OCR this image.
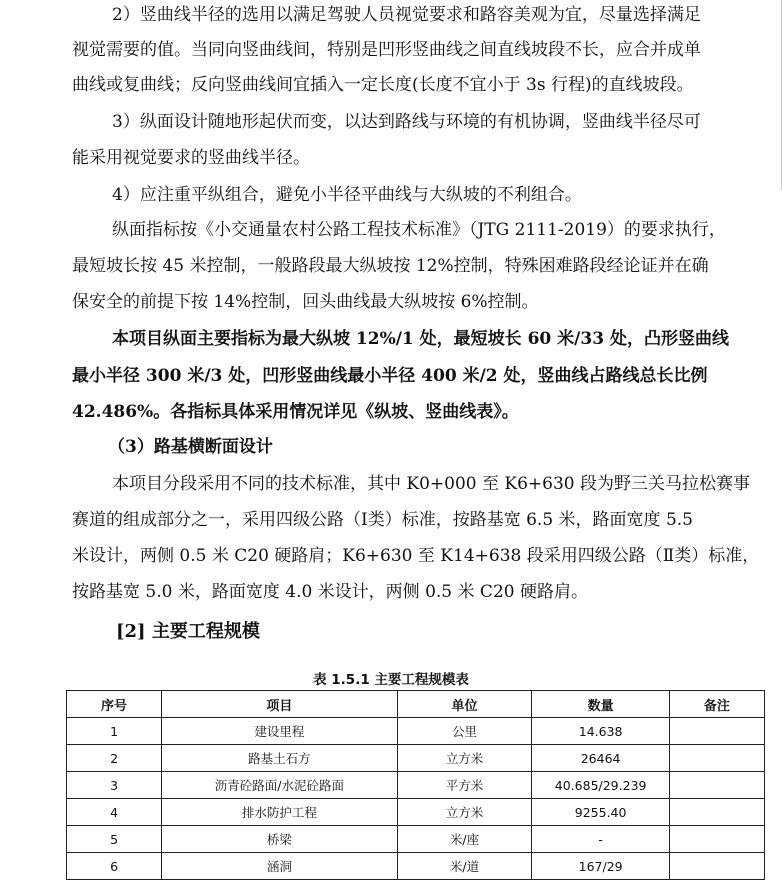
2）竖曲线半径的选用以满足驾驶人员视觉要求和路容美观为宜，尽量选择满足
视觉需要的值。当同向竖曲线间，特别是凹形竖曲线之间直线坡段不长，应合并成单
曲线或复曲线；反向竖曲线间宜插入一定长度(长度不宜小于 3s 行程)的直线坡段。
3）纵面设计随地形起伏而变，以达到路线与环境的有机协调，竖曲线半径尽可
能采用视觉要求的竖曲线半径。
4）应注重平纵组合，避免小半径平曲线与大纵坡的不利组合。
纵面指标按《小交通量农村公路工程技术标准》（JTG 2111-2019）的要求执行，
最短坡长按 45 米控制，一般路段最大纵坡按 12%控制，特殊困难路段经论证并在确
保安全的前提下按 14%控制，回头曲线最大纵坡按 6%控制。
本项目纵面主要指标为最大纵坡 12%/1 处，最短坡长 60 米/33 处，凸形竖曲线
最小半径 300 米/3 处，凹形竖曲线最小半径 400 米/2 处，竖曲线占路线总长比例
42.486%。各指标具体采用情况详见《纵坡、竖曲线表》。
（3）路基横断面设计
本项目分段采用不同的技术标准，其中 K0+000 至 K6+630 段为野三关马拉松赛事
赛道的组成部分之一，采用四级公路（Ⅰ类）标准，按路基宽 6.5 米，路面宽度 5.5
米设计，两侧 0.5 米 C20 硬路肩；K6+630 至 K14+638 段采用四级公路（Ⅱ类）标准，
按路基宽 5.0 米，路面宽度 4.0 米设计，两侧 0.5 米 C20 硬路肩。
[2] 主要工程规模
表 1.5.1 主要工程规模表
序号	项目	单位	数量	备注
1	建设里程	公里	14.638	
2	路基土石方	立方米	26464	
3	沥青砼路面/水泥砼路面	平方米	40.685/29.239	
4	排水防护工程	立方米	9255.40	
5	桥梁	米/座	-	
6	涵洞	米/道	167/29	
